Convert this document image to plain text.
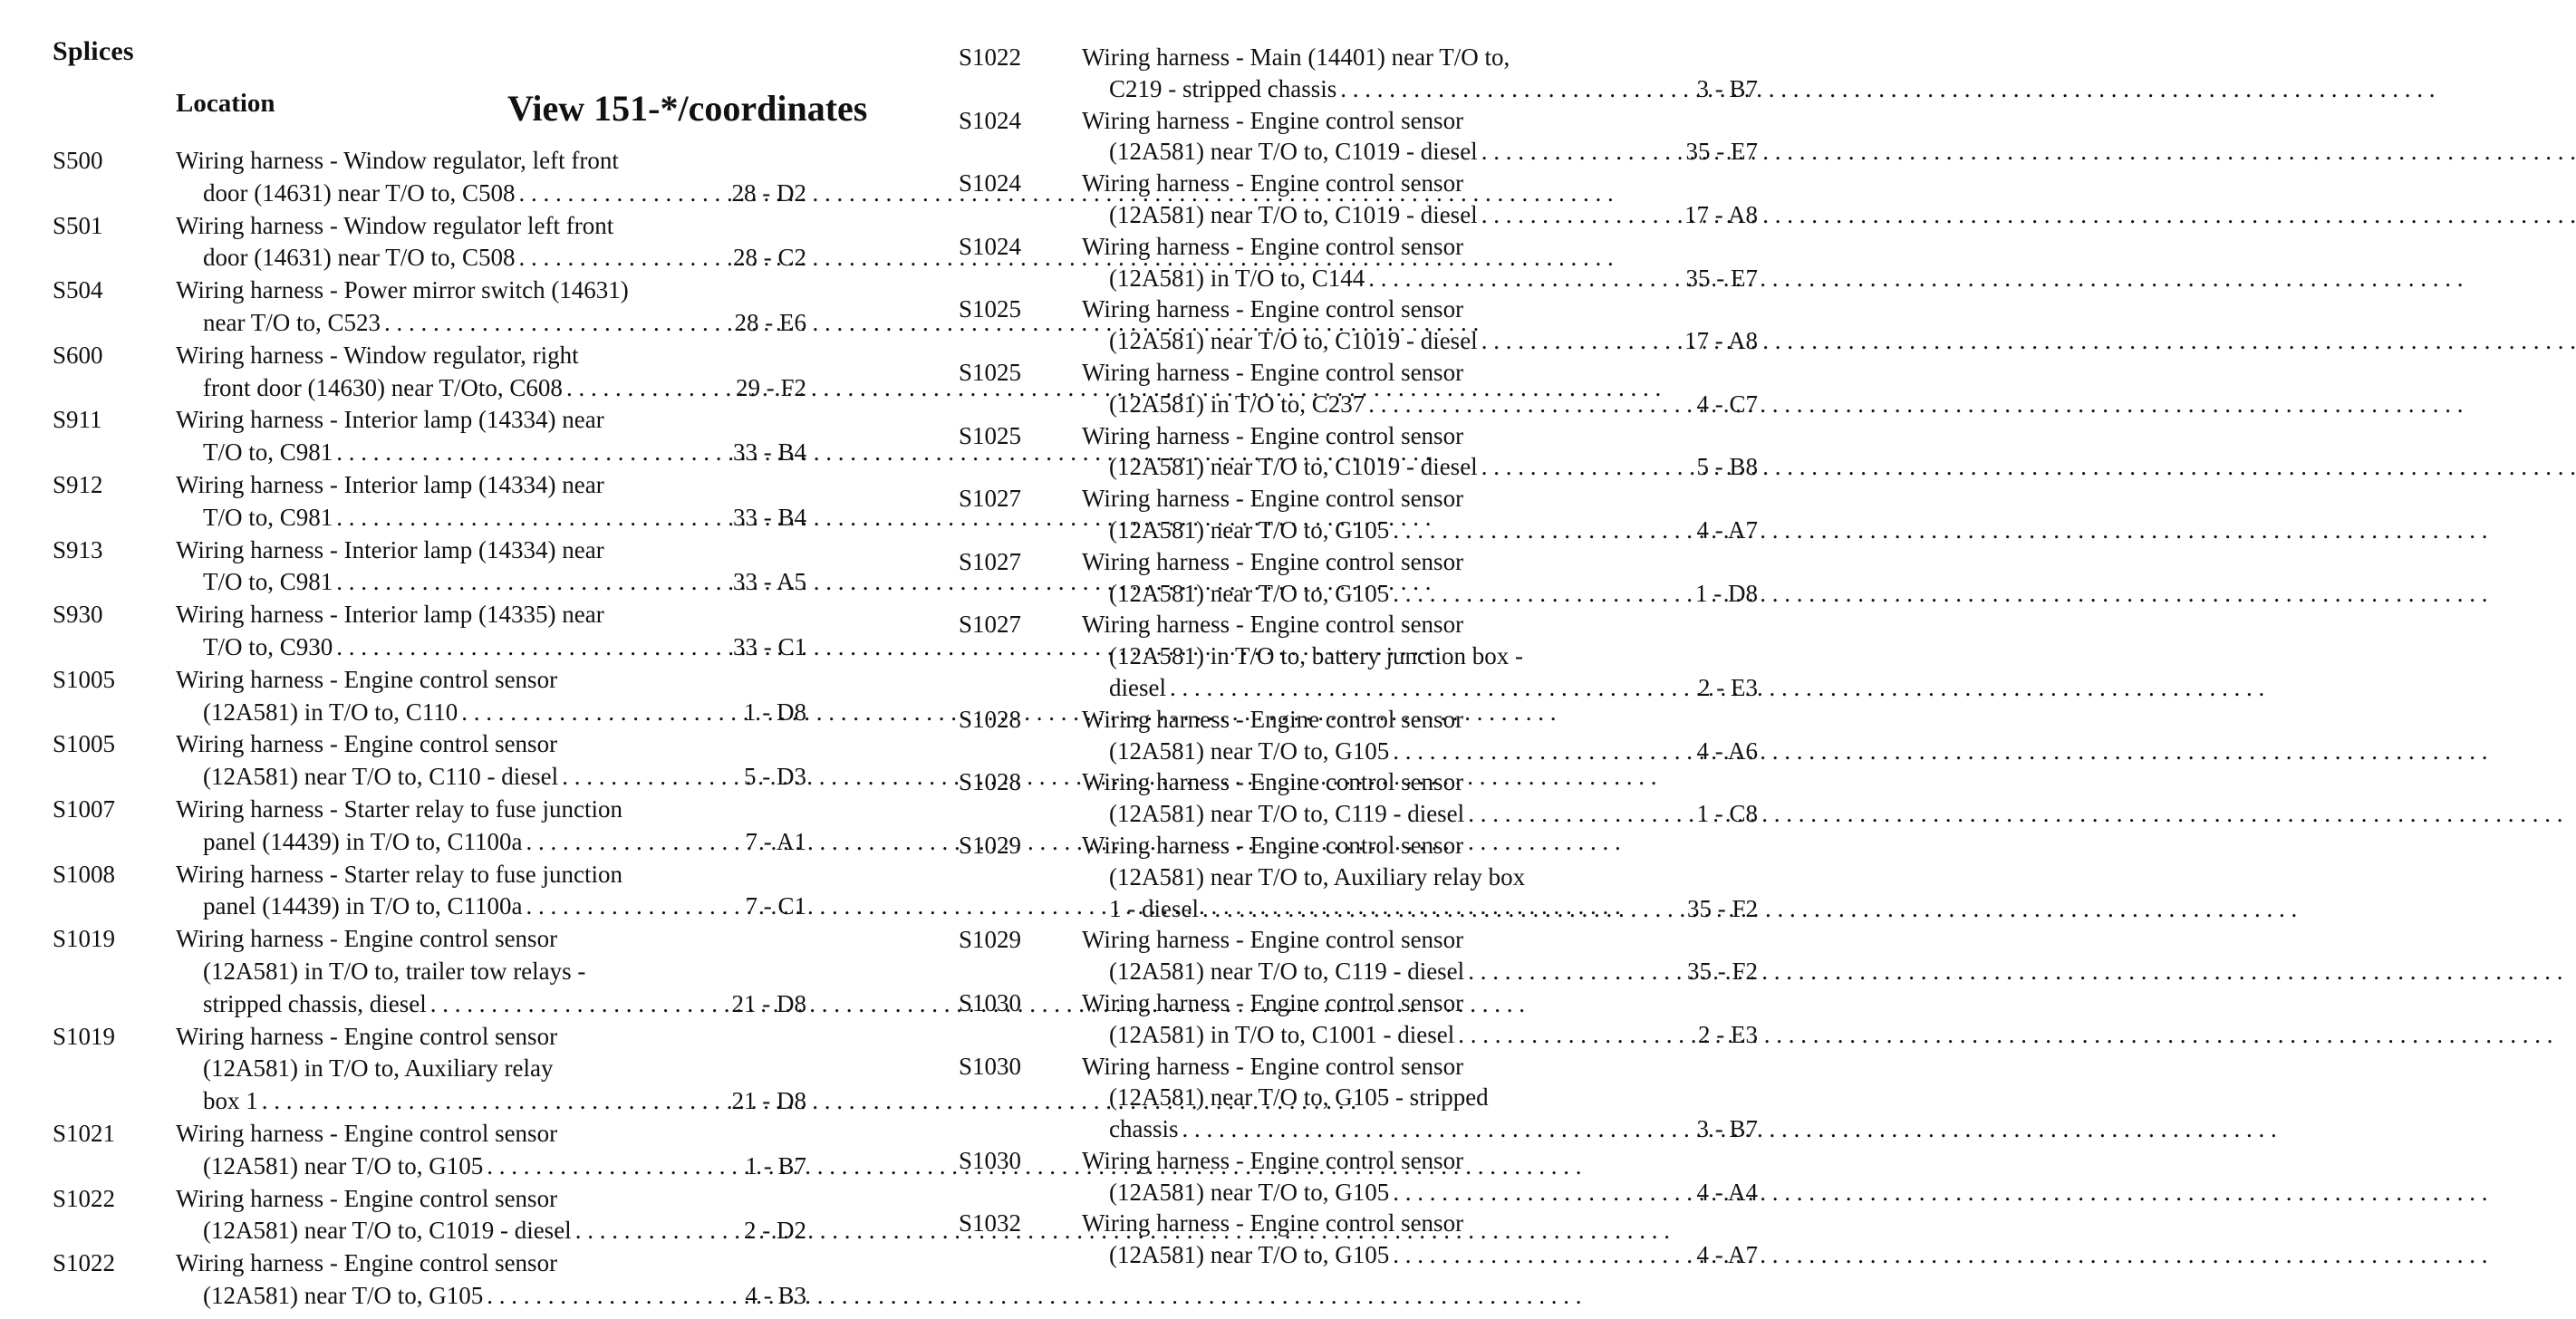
Splices
Location	View 151-*/coordinates
S500	Wiring harness - Window regulator, left front
door (14631) near T/O to, C508 . . .	28 - D2
S501	Wiring harness - Window regulator left front
door (14631) near T/O to, C508 . . .	28 - C2
S504	Wiring harness - Power mirror switch (14631)
near T/O to, C523 . . .	28 - E6
S600	Wiring harness - Window regulator, right
front door (14630) near T/Oto, C608 . . .	29 - F2
S911	Wiring harness - Interior lamp (14334) near
T/O to, C981 . . .	33 - B4
S912	Wiring harness - Interior lamp (14334) near
T/O to, C981 . . .	33 - B4
S913	Wiring harness - Interior lamp (14334) near
T/O to, C981 . . .	33 - A5
S930	Wiring harness - Interior lamp (14335) near
T/O to, C930 . . .	33 - C1
S1005	Wiring harness - Engine control sensor
(12A581) in T/O to, C110 . . .	1 - D8
S1005	Wiring harness - Engine control sensor
(12A581) near T/O to, C110 - diesel . . .	5 - D3
S1007	Wiring harness - Starter relay to fuse junction
panel (14439) in T/O to, C1100a . . .	7 - A1
S1008	Wiring harness - Starter relay to fuse junction
panel (14439) in T/O to, C1100a . . .	7 - C1
S1019	Wiring harness - Engine control sensor
(12A581) in T/O to, trailer tow relays -
stripped chassis, diesel . . .	21 - D8
S1019	Wiring harness - Engine control sensor
(12A581) in T/O to, Auxiliary relay
box 1 . . .	21 - D8
S1021	Wiring harness - Engine control sensor
(12A581) near T/O to, G105 . . .	1 - B7
S1022	Wiring harness - Engine control sensor
(12A581) near T/O to, C1019 - diesel . . .	2 - D2
S1022	Wiring harness - Engine control sensor
(12A581) near T/O to, G105 . . .	4 - B3
S1022	Wiring harness - Main (14401) near T/O to,
C219 - stripped chassis . . .	3 - B7
S1024	Wiring harness - Engine control sensor
(12A581) near T/O to, C1019 - diesel . . .	35 - E7
S1024	Wiring harness - Engine control sensor
(12A581) near T/O to, C1019 - diesel . . .	17 - A8
S1024	Wiring harness - Engine control sensor
(12A581) in T/O to, C144 . . .	35 - E7
S1025	Wiring harness - Engine control sensor
(12A581) near T/O to, C1019 - diesel . . .	17 - A8
S1025	Wiring harness - Engine control sensor
(12A581) in T/O to, C237 . . .	4 - C7
S1025	Wiring harness - Engine control sensor
(12A581) near T/O to, C1019 - diesel . . .	5 - B8
S1027	Wiring harness - Engine control sensor
(12A581) near T/O to, G105 . . .	4 - A7
S1027	Wiring harness - Engine control sensor
(12A581) near T/O to, G105 . . .	1 - D8
S1027	Wiring harness - Engine control sensor
(12A581) in T/O to, battery junction box -
diesel . . .	2 - E3
S1028	Wiring harness - Engine control sensor
(12A581) near T/O to, G105 . . .	4 - A6
S1028	Wiring harness - Engine control sensor
(12A581) near T/O to, C119 - diesel . . .	1 - C8
S1029	Wiring harness - Engine control sensor
(12A581) near T/O to, Auxiliary relay box
1 - diesel . . .	35 - F2
S1029	Wiring harness - Engine control sensor
(12A581) near T/O to, C119 - diesel . . .	35 - F2
S1030	Wiring harness - Engine control sensor
(12A581) in T/O to, C1001 - diesel . . .	2 - E3
S1030	Wiring harness - Engine control sensor
(12A581) near T/O to, G105 - stripped
chassis . . .	3 - B7
S1030	Wiring harness - Engine control sensor
(12A581) near T/O to, G105 . . .	4 - A4
S1032	Wiring harness - Engine control sensor
(12A581) near T/O to, G105 . . .	4 - A7
